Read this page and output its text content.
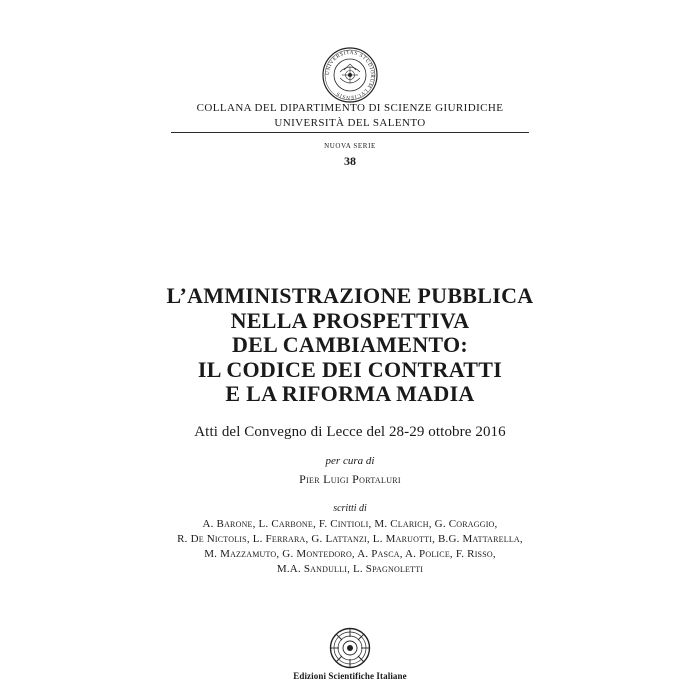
UNIVERSITAS STUDIORUM LYCIENSIS
COLLANA DEL DIPARTIMENTO DI SCIENZE GIURIDICHE
UNIVERSITÀ DEL SALENTO
NUOVA SERIE
38
L’AMMINISTRAZIONE PUBBLICA
NELLA PROSPETTIVA
DEL CAMBIAMENTO:
IL CODICE DEI CONTRATTI
E LA RIFORMA MADIA
Atti del Convegno di Lecce del 28-29 ottobre 2016
per cura di
Pier Luigi Portaluri
scritti di
A. Barone, L. Carbone, F. Cintioli, M. Clarich, G. Coraggio,
R. De Nictolis, L. Ferrara, G. Lattanzi, L. Maruotti, B.G. Mattarella,
M. Mazzamuto, G. Montedoro, A. Pasca, A. Police, F. Risso,
M.A. Sandulli, L. Spagnoletti
Edizioni Scientifiche Italiane
